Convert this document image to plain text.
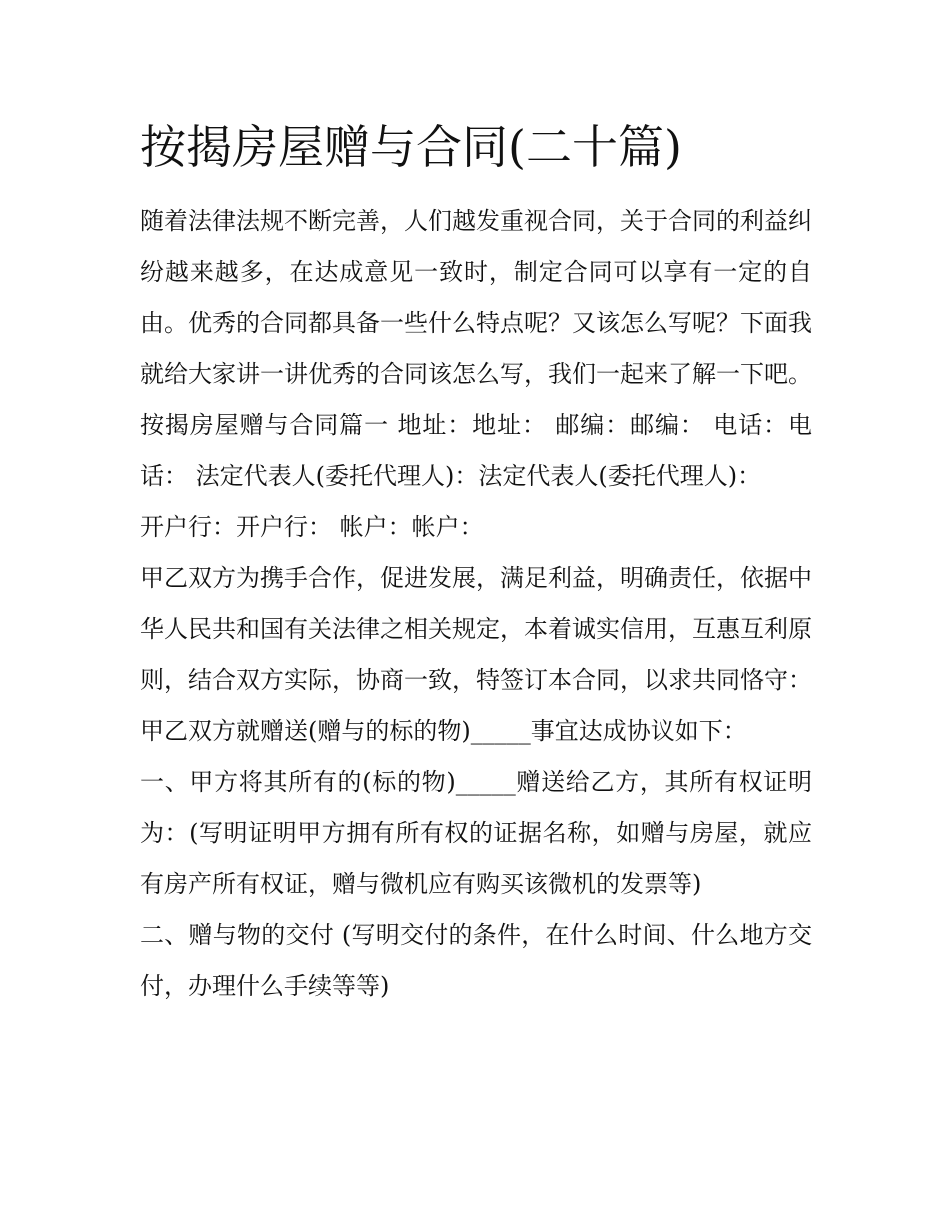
按揭房屋赠与合同(二十篇)

随着法律法规不断完善，人们越发重视合同，关于合同的利益纠纷越来越多，在达成意见一致时，制定合同可以享有一定的自由。优秀的合同都具备一些什么特点呢？又该怎么写呢？下面我就给大家讲一讲优秀的合同该怎么写，我们一起来了解一下吧。

按揭房屋赠与合同篇一 地址：地址： 邮编：邮编： 电话：电话： 法定代表人(委托代理人)：法定代表人(委托代理人)：

开户行：开户行： 帐户：帐户：

甲乙双方为携手合作，促进发展，满足利益，明确责任，依据中华人民共和国有关法律之相关规定，本着诚实信用，互惠互利原则，结合双方实际，协商一致，特签订本合同，以求共同恪守：

甲乙双方就赠送(赠与的标的物)_____事宜达成协议如下：

一、甲方将其所有的(标的物)_____赠送给乙方，其所有权证明为：(写明证明甲方拥有所有权的证据名称，如赠与房屋，就应有房产所有权证，赠与微机应有购买该微机的发票等)

二、赠与物的交付 (写明交付的条件，在什么时间、什么地方交付，办理什么手续等等)
